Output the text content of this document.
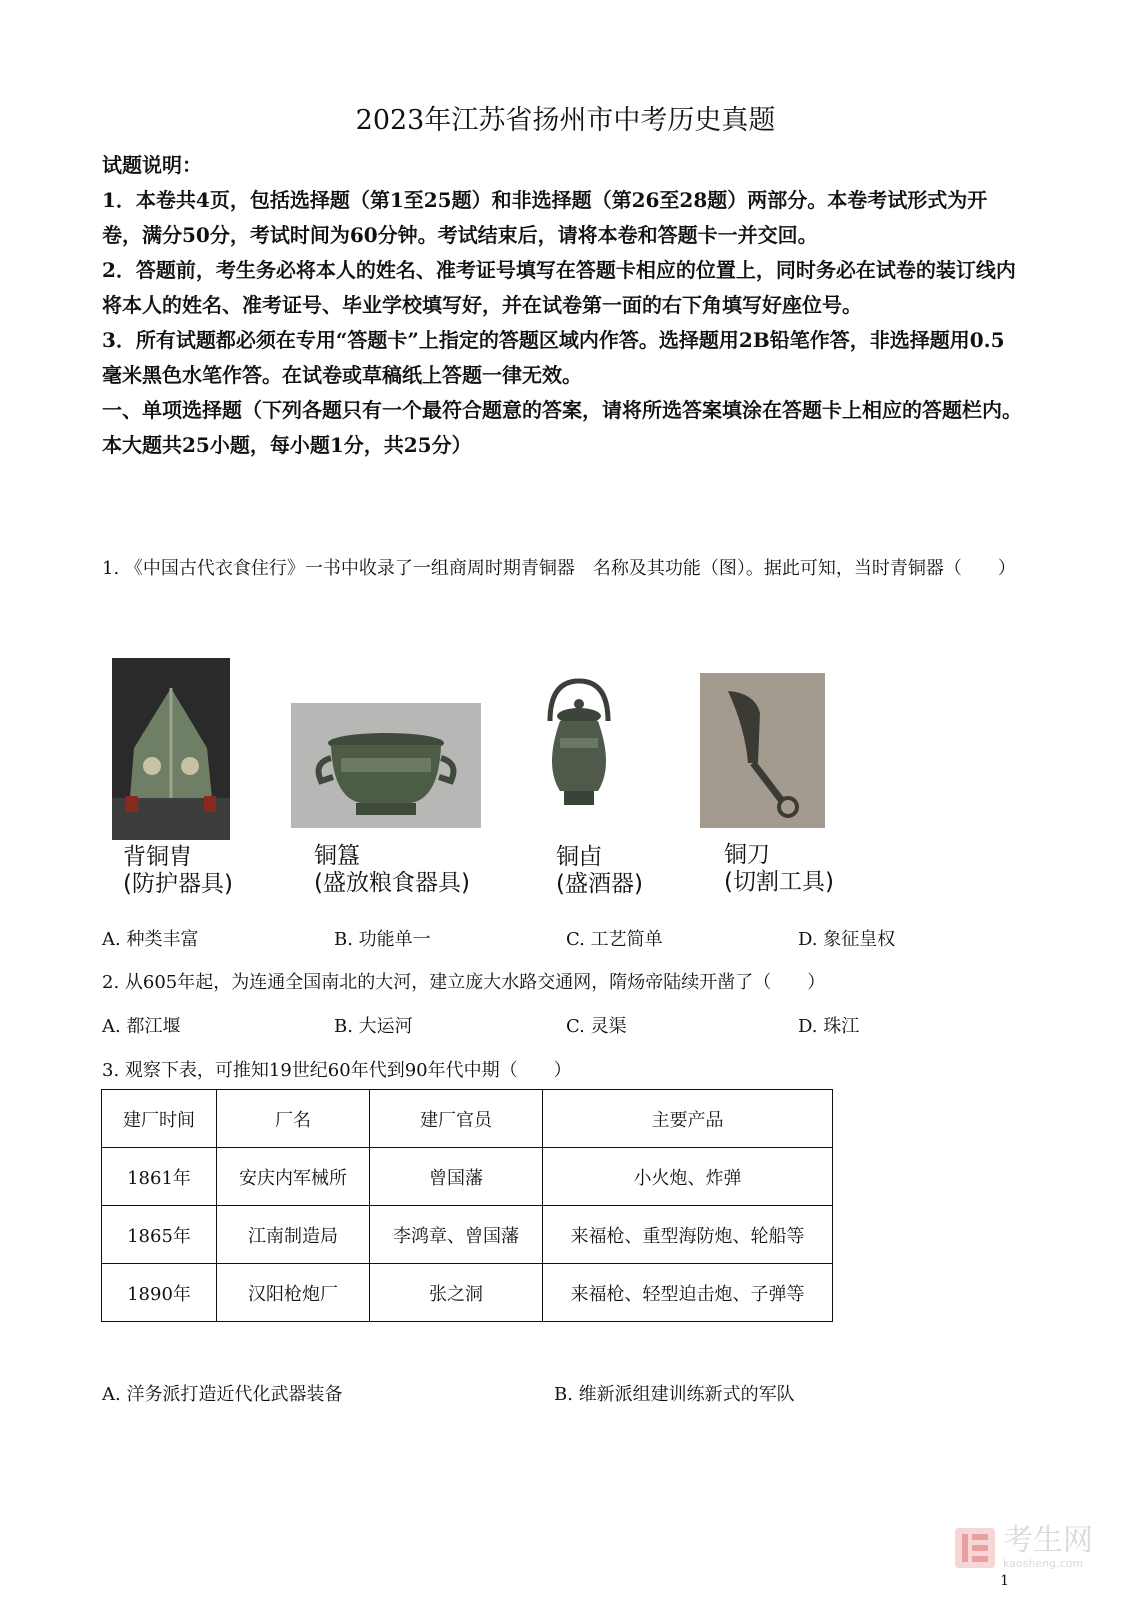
2023年江苏省扬州市中考历史真题

试题说明：

1．本卷共4页，包括选择题（第1至25题）和非选择题（第26至28题）两部分。本卷考试形式为开卷，满分50分，考试时间为60分钟。考试结束后，请将本卷和答题卡一并交回。

2．答题前，考生务必将本人的姓名、准考证号填写在答题卡相应的位置上，同时务必在试卷的装订线内将本人的姓名、准考证号、毕业学校填写好，并在试卷第一面的右下角填写好座位号。

3．所有试题都必须在专用“答题卡”上指定的答题区域内作答。选择题用2B铅笔作答，非选择题用0.5毫米黑色水笔作答。在试卷或草稿纸上答题一律无效。

一、单项选择题（下列各题只有一个最符合题意的答案，请将所选答案填涂在答题卡上相应的答题栏内。本大题共25小题，每小题1分，共25分）

1. 《中国古代衣食住行》一书中收录了一组商周时期青铜器　名称及其功能（图）。据此可知，当时青铜器（　　）
背铜胄
(防护器具)
铜簋
(盛放粮食器具)
铜卣
(盛酒器)
铜刀
(切割工具)
A. 种类丰富	B. 功能单一	C. 工艺简单	D. 象征皇权
2. 从605年起，为连通全国南北的大河，建立庞大水路交通网，隋炀帝陆续开凿了（　　）
A. 都江堰	B. 大运河	C. 灵渠	D. 珠江
3. 观察下表，可推知19世纪60年代到90年代中期（　　）
建厂时间	厂名	建厂官员	主要产品
1861年	安庆内军械所	曾国藩	小火炮、炸弹
1865年	江南制造局	李鸿章、曾国藩	来福枪、重型海防炮、轮船等
1890年	汉阳枪炮厂	张之洞	来福枪、轻型迫击炮、子弹等
A. 洋务派打造近代化武器装备	B. 维新派组建训练新式的军队
考生网
kaosheng.com
1
